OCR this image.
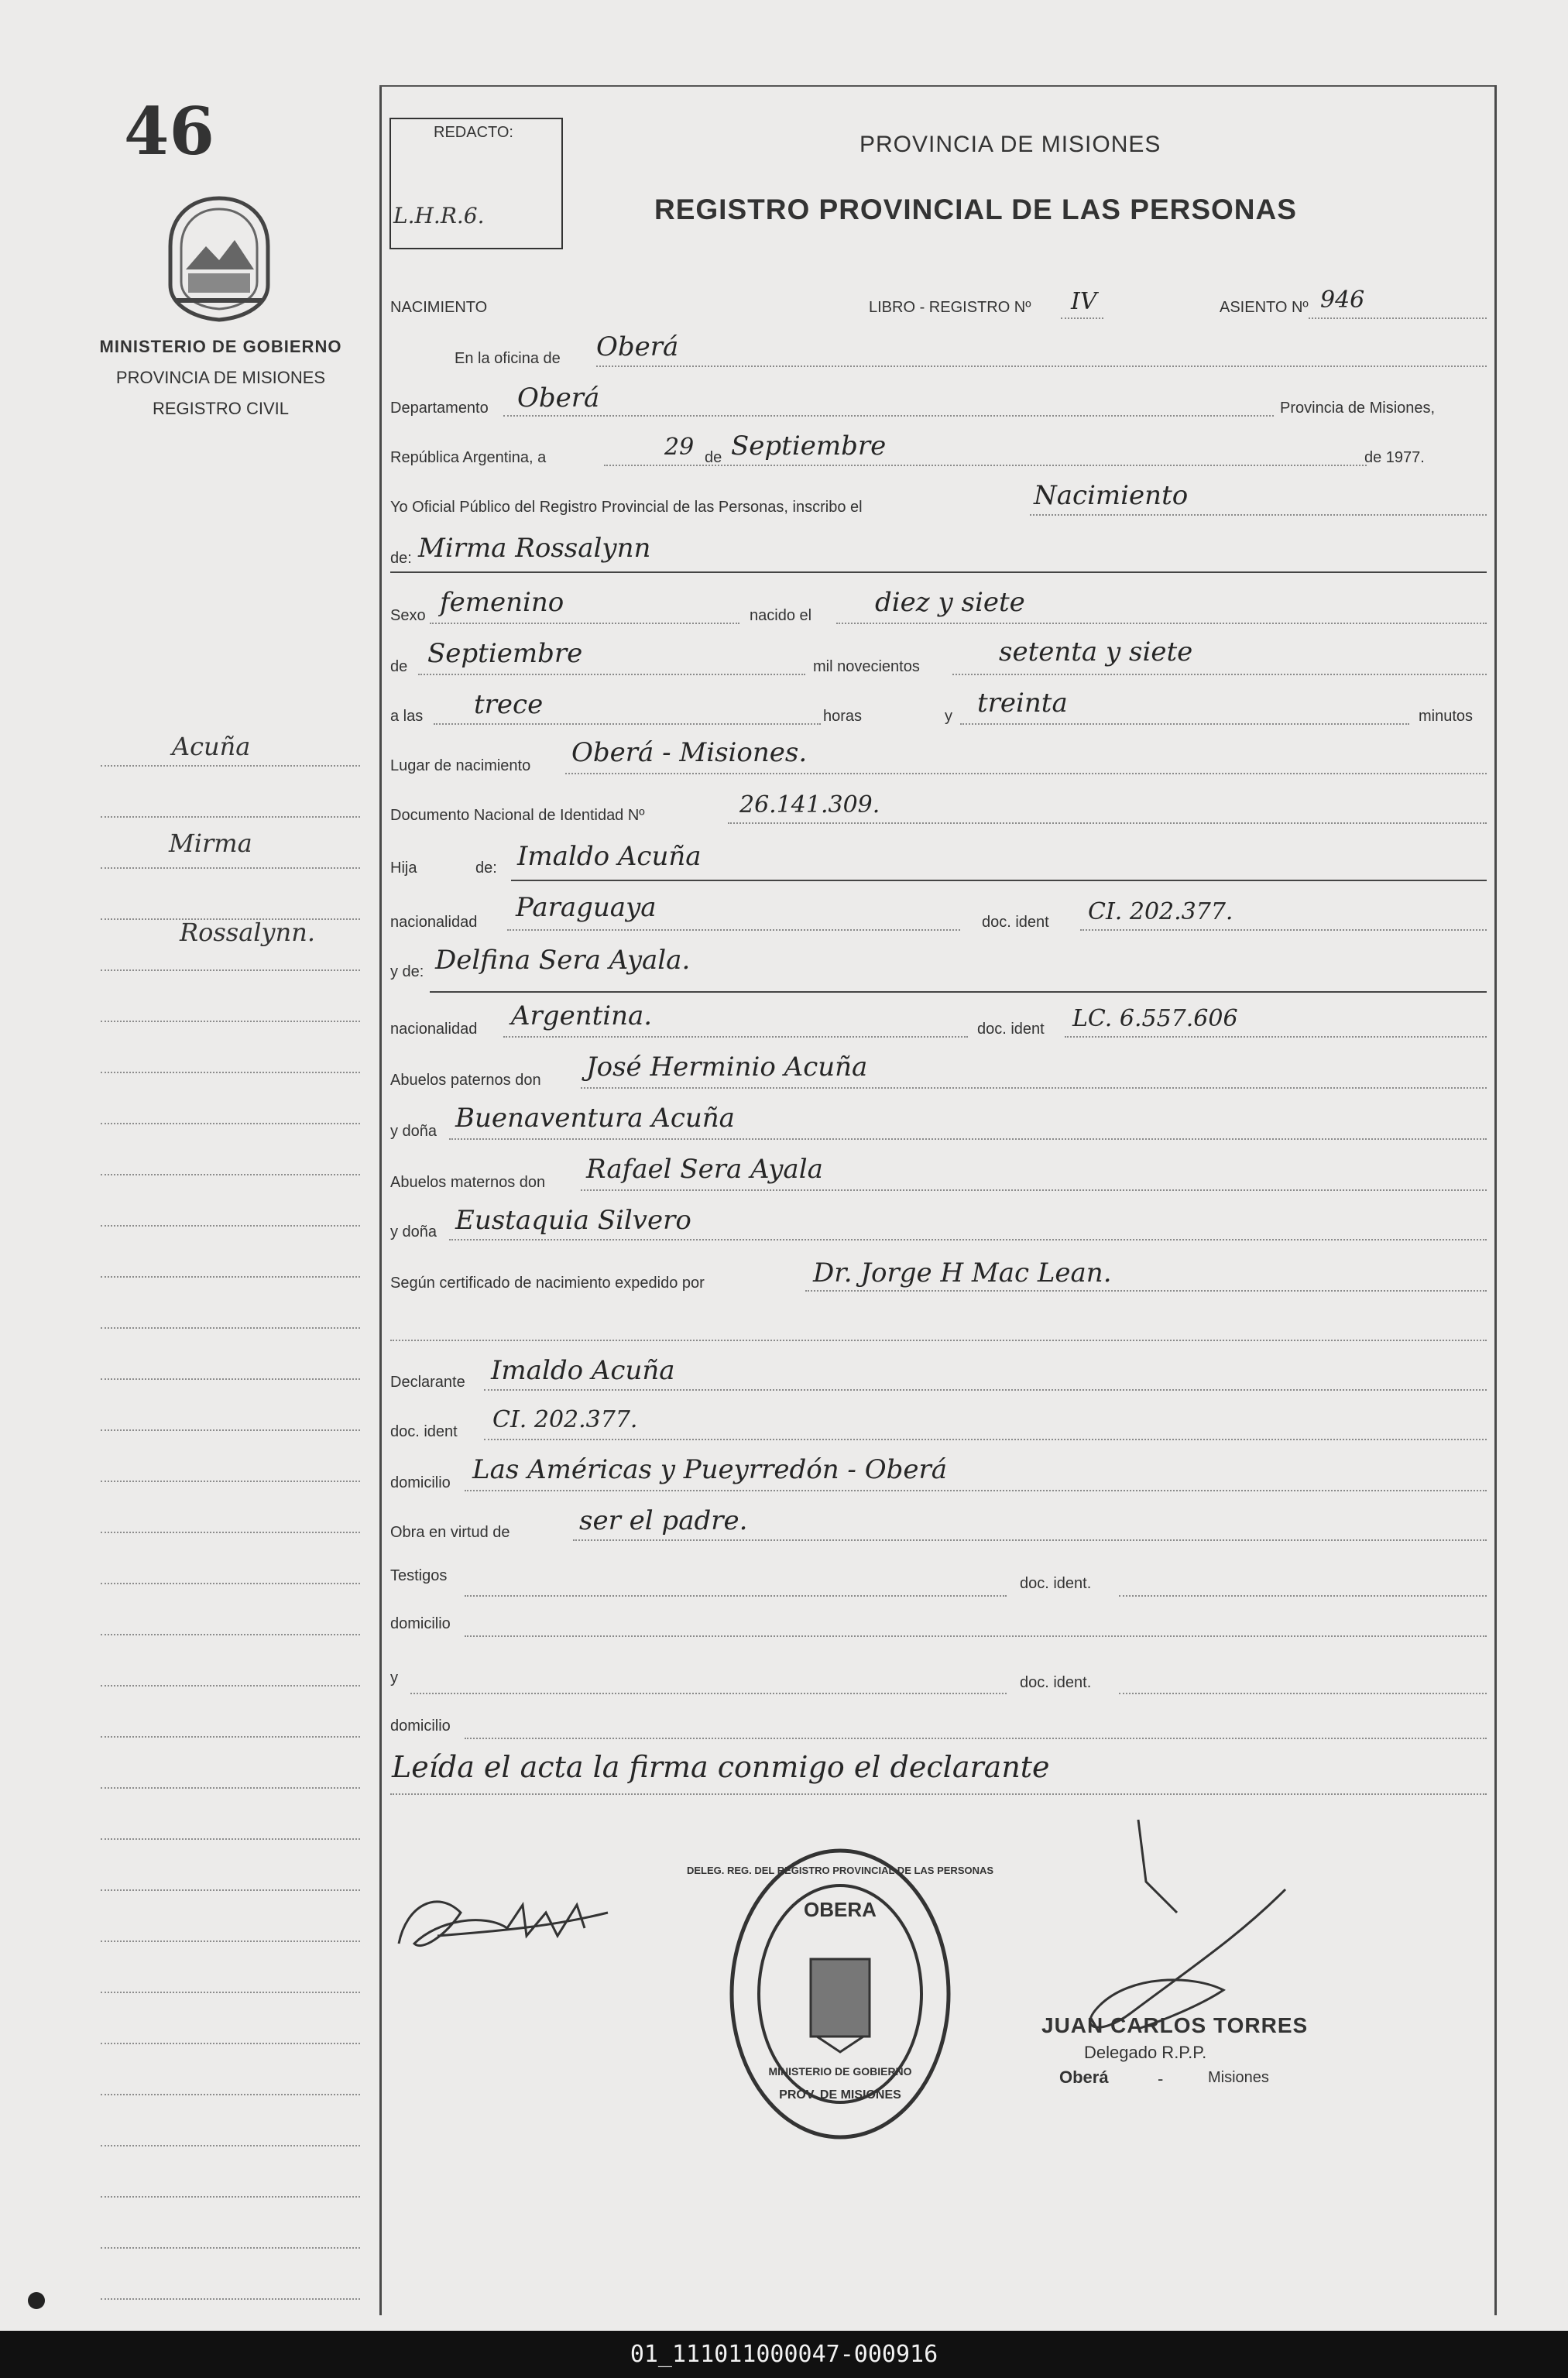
46
MINISTERIO DE GOBIERNO
PROVINCIA DE MISIONES
REGISTRO CIVIL
Acuña
Mirma
Rossalynn.
REDACTO:
L.H.R.6.
PROVINCIA DE MISIONES
REGISTRO PROVINCIAL DE LAS PERSONAS
NACIMIENTO	LIBRO - REGISTRO Nº IV	ASIENTO Nº 946
En la oficina de Oberá
Departamento Oberá	Provincia de Misiones,
República Argentina, a	29 de Septiembre	de 1977.
Yo Oficial Público del Registro Provincial de las Personas, inscribo el	Nacimiento
de: Mirma Rossalynn
Sexo femenino	nacido el diez y siete
de Septiembre	mil novecientos	setenta y siete
a las trece	horas	y treinta	minutos
Lugar de nacimiento Oberá - Misiones.
Documento Nacional de Identidad Nº	26.141.309.
Hija	de: Imaldo Acuña
nacionalidad Paraguaya	doc. ident CI. 202.377.
y de: Delfina Sera Ayala.
nacionalidad Argentina.	doc. ident LC. 6.557.606
Abuelos paternos don José Herminio Acuña
y doña Buenaventura Acuña
Abuelos maternos don Rafael Sera Ayala
y doña Eustaquia Silvero
Según certificado de nacimiento expedido por	Dr. Jorge H Mac Lean.
Declarante Imaldo Acuña
doc. ident CI. 202.377.
domicilio Las Américas y Pueyrredón - Oberá
Obra en virtud de	ser el padre.
Testigos	doc. ident.
domicilio
y	doc. ident.
domicilio
Leída el acta la firma conmigo el declarante
OBERA
PROV. DE MISIONES
MINISTERIO DE GOBIERNO
DELEG. REG. DEL REGISTRO PROVINCIAL DE LAS PERSONAS
JUAN CARLOS TORRES
Delegado R.P.P.
Oberá	-	Misiones
01_111011000047-000916
